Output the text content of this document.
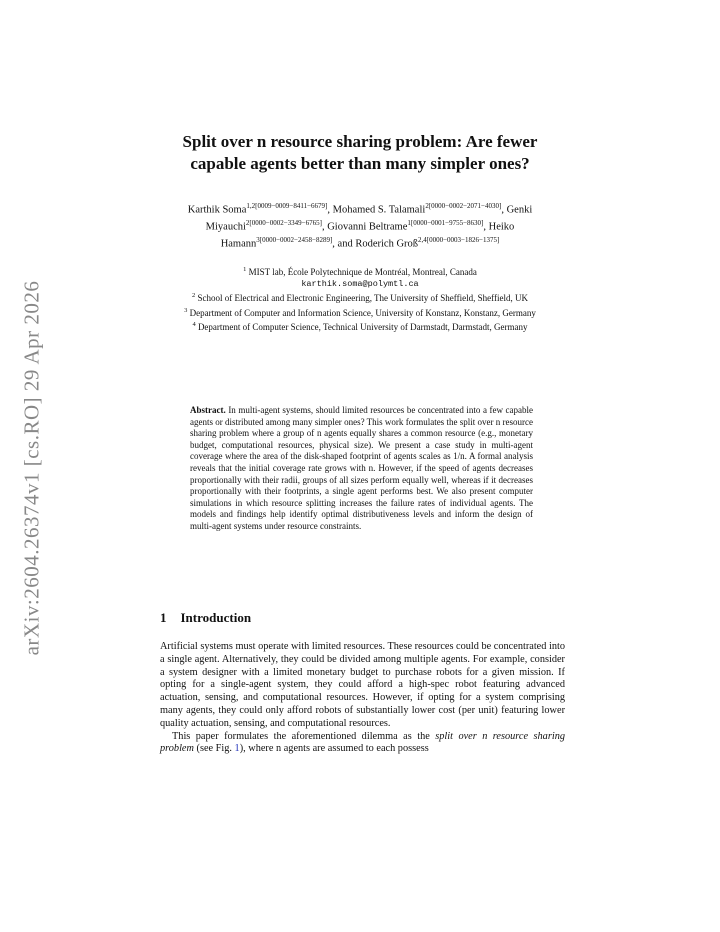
arXiv:2604.26374v1 [cs.RO] 29 Apr 2026
Split over n resource sharing problem: Are fewer
capable agents better than many simpler ones?
Karthik Soma$^{1,2[0009-0009-8411-6679]}$, Mohamed S. Talamali$^{2[0000-0002-2071-4030]}$, Genki Miyauchi$^{2[0000-0002-3349-6765]}$, Giovanni Beltrame$^{1[0000-0001-9755-8630]}$, Heiko Hamann$^{3[0000-0002-2458-8289]}$, and Roderich Groß$^{2,4[0000-0003-1826-1375]}$
$^1$ MIST lab, École Polytechnique de Montréal, Montreal, Canada
karthik.soma@polymtl.ca
$^2$ School of Electrical and Electronic Engineering, The University of Sheffield, Sheffield, UK
$^3$ Department of Computer and Information Science, University of Konstanz, Konstanz, Germany
$^4$ Department of Computer Science, Technical University of Darmstadt, Darmstadt, Germany
Abstract. In multi-agent systems, should limited resources be concentrated into a few capable agents or distributed among many simpler ones? This work formulates the split over n resource sharing problem where a group of n agents equally shares a common resource (e.g., monetary budget, computational resources, physical size). We present a case study in multi-agent coverage where the area of the disk-shaped footprint of agents scales as 1/n. A formal analysis reveals that the initial coverage rate grows with n. However, if the speed of agents decreases proportionally with their radii, groups of all sizes perform equally well, whereas if it decreases proportionally with their footprints, a single agent performs best. We also present computer simulations in which resource splitting increases the failure rates of individual agents. The models and findings help identify optimal distributiveness levels and inform the design of multi-agent systems under resource constraints.
1 Introduction

Artificial systems must operate with limited resources. These resources could be concentrated into a single agent. Alternatively, they could be divided among multiple agents. For example, consider a system designer with a limited monetary budget to purchase robots for a given mission. If opting for a single-agent system, they could afford a high-spec robot featuring advanced actuation, sensing, and computational resources. However, if opting for a system comprising many agents, they could only afford robots of substantially lower cost (per unit) featuring lower quality actuation, sensing, and computational resources.

This paper formulates the aforementioned dilemma as the split over n resource sharing problem (see Fig. 1), where n agents are assumed to each possess
